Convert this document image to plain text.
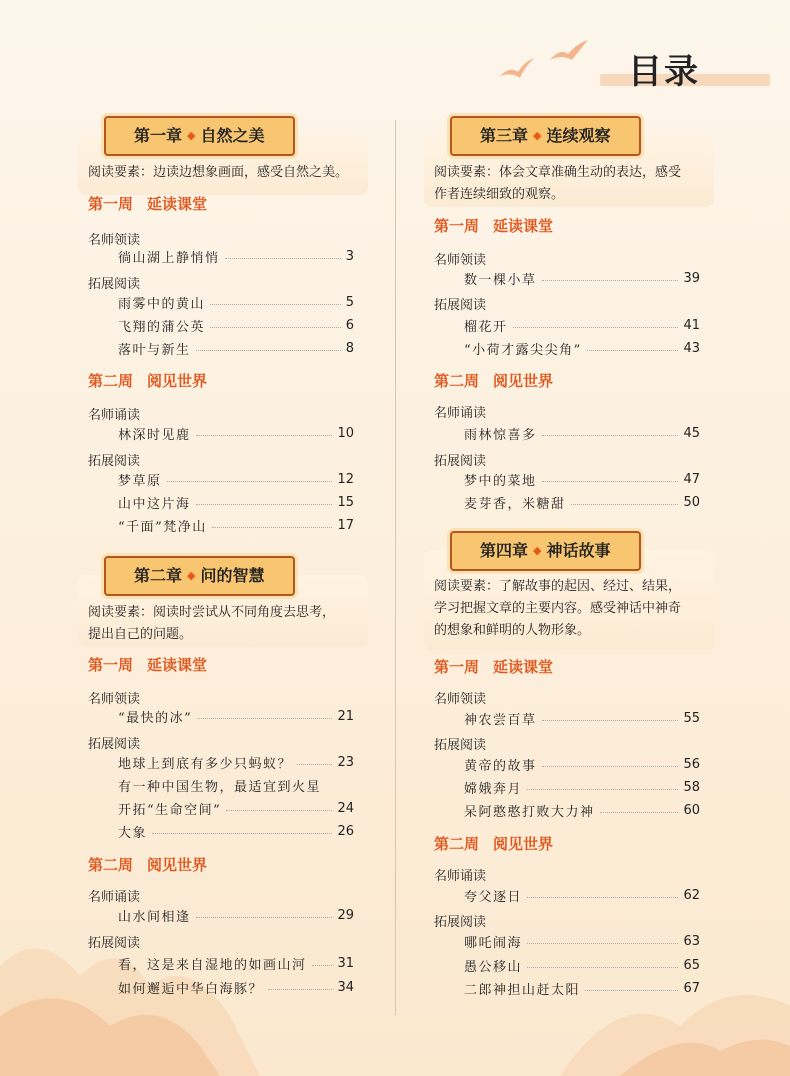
目录
第一章 ◆ 自然之美
阅读要素：边读边想象画面，感受自然之美。
第一周 延读课堂
名师领读
徜山湖上静悄悄	3
拓展阅读
雨雾中的黄山	5
飞翔的蒲公英	6
落叶与新生	8
第二周 阅见世界
名师诵读
林深时见鹿	10
拓展阅读
梦草原	12
山中这片海	15
“千面”梵净山	17
第二章 ◆ 问的智慧
阅读要素：阅读时尝试从不同角度去思考，
提出自己的问题。
第一周 延读课堂
名师领读
“最快的冰”	21
拓展阅读
地球上到底有多少只蚂蚁？	23
有一种中国生物，最适宜到火星
开拓“生命空间”	24
大象	26
第二周 阅见世界
名师诵读
山水间相逢	29
拓展阅读
看，这是来自湿地的如画山河 31
如何邂逅中华白海豚？	34
第三章 ◆ 连续观察
阅读要素：体会文章准确生动的表达，感受
作者连续细致的观察。
第一周 延读课堂
名师领读
数一棵小草	39
拓展阅读
榴花开	41
“小荷才露尖尖角”	43
第二周 阅见世界
名师诵读
雨林惊喜多	45
拓展阅读
梦中的菜地	47
麦芽香，米糖甜	50
第四章 ◆ 神话故事
阅读要素：了解故事的起因、经过、结果，
学习把握文章的主要内容。感受神话中神奇
的想象和鲜明的人物形象。
第一周 延读课堂
名师领读
神农尝百草	55
拓展阅读
黄帝的故事	56
嫦娥奔月	58
呆阿憨憨打败大力神	60
第二周 阅见世界
名师诵读
夸父逐日	62
拓展阅读
哪吒闹海	63
愚公移山	65
二郎神担山赶太阳	67
